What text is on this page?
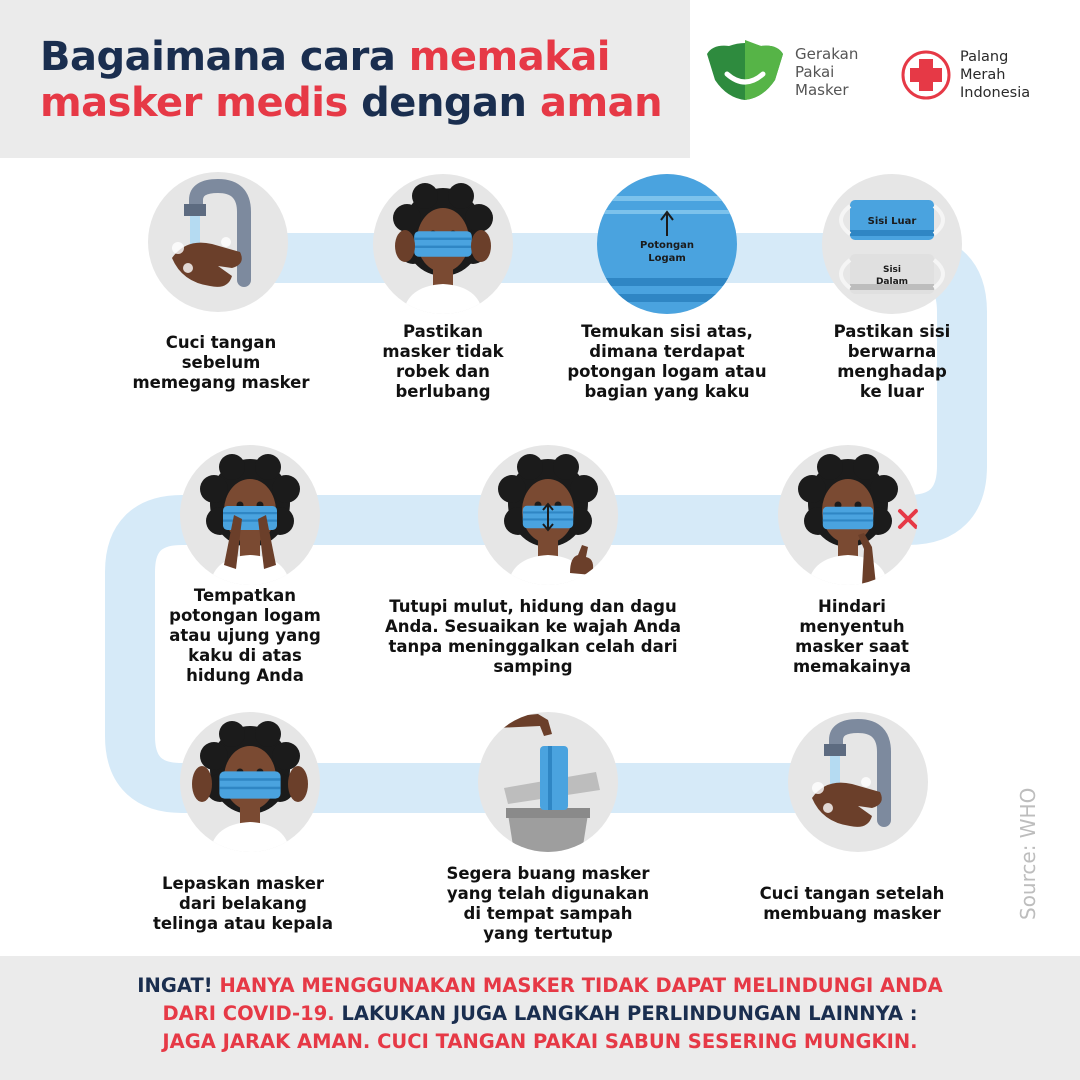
Bagaimana cara memakai
masker medis dengan aman
Gerakan
Pakai
Masker
Palang
Merah
Indonesia
Cuci tangan
sebelum
memegang masker
Pastikan
masker tidak
robek dan
berlubang
Potongan
Logam
Temukan sisi atas,
dimana terdapat
potongan logam atau
bagian yang kaku
Sisi Luar
Sisi
Dalam
Pastikan sisi
berwarna
menghadap
ke luar
Tempatkan
potongan logam
atau ujung yang
kaku di atas
hidung Anda
Tutupi mulut, hidung dan dagu
Anda. Sesuaikan ke wajah Anda
tanpa meninggalkan celah dari
samping
Hindari
menyentuh
masker saat
memakainya
Lepaskan masker
dari belakang
telinga atau kepala
Segera buang masker
yang telah digunakan
di tempat sampah
yang tertutup
Cuci tangan setelah
membuang masker	Source: WHO
INGAT! HANYA MENGGUNAKAN MASKER TIDAK DAPAT MELINDUNGI ANDA
DARI COVID-19. LAKUKAN JUGA LANGKAH PERLINDUNGAN LAINNYA :
JAGA JARAK AMAN. CUCI TANGAN PAKAI SABUN SESERING MUNGKIN.
